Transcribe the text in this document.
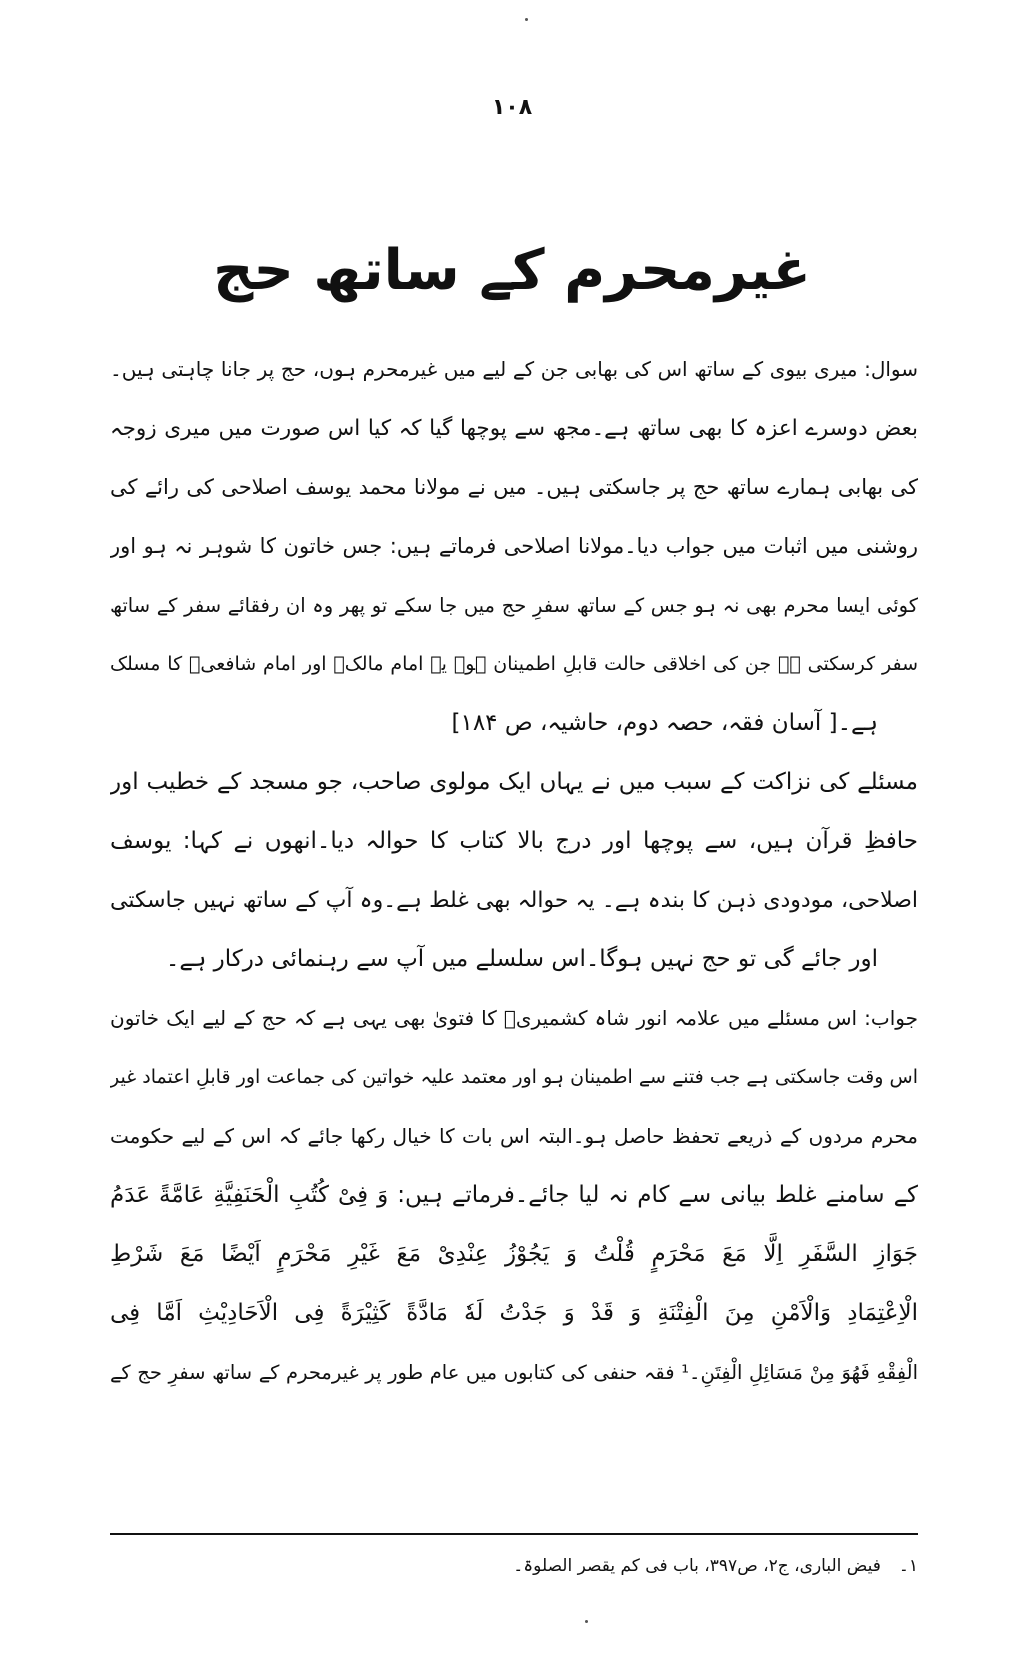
۱۰۸
غیرمحرم کے ساتھ حج
سوال: میری بیوی کے ساتھ اس کی بھابی جن کے لیے میں غیرمحرم ہوں، حج پر جانا چاہتی ہیں۔
بعض دوسرے اعزہ کا بھی ساتھ ہے۔مجھ سے پوچھا گیا کہ کیا اس صورت میں میری زوجہ
کی بھابی ہمارے ساتھ حج پر جاسکتی ہیں۔ میں نے مولانا محمد یوسف اصلاحی کی رائے کی
روشنی میں اثبات میں جواب دیا۔مولانا اصلاحی فرماتے ہیں: جس خاتون کا شوہر نہ ہو اور
کوئی ایسا محرم بھی نہ ہو جس کے ساتھ سفرِ حج میں جا سکے تو پھر وہ ان رفقائے سفر کے ساتھ
سفر کرسکتی ہے جن کی اخلاقی حالت قابلِ اطمینان ہو۔ یہ امام مالکؒ اور امام شافعیؒ کا مسلک
ہے۔[ آسان فقہ، حصہ دوم، حاشیہ، ص ۱۸۴]
مسئلے کی نزاکت کے سبب میں نے یہاں ایک مولوی صاحب، جو مسجد کے خطیب اور
حافظِ قرآن ہیں، سے پوچھا اور درج بالا کتاب کا حوالہ دیا۔انھوں نے کہا: یوسف
اصلاحی، مودودی ذہن کا بندہ ہے۔ یہ حوالہ بھی غلط ہے۔وہ آپ کے ساتھ نہیں جاسکتی
اور جائے گی تو حج نہیں ہوگا۔اس سلسلے میں آپ سے رہنمائی درکار ہے۔
جواب: اس مسئلے میں علامہ انور شاہ کشمیریؒ کا فتویٰ بھی یہی ہے کہ حج کے لیے ایک خاتون
اس وقت جاسکتی ہے جب فتنے سے اطمینان ہو اور معتمد علیہ خواتین کی جماعت اور قابلِ اعتماد غیر
محرم مردوں کے ذریعے تحفظ حاصل ہو۔البتہ اس بات کا خیال رکھا جائے کہ اس کے لیے حکومت
کے سامنے غلط بیانی سے کام نہ لیا جائے۔فرماتے ہیں: وَ فِیْ کُتُبِ الْحَنَفِیَّةِ عَامَّةً عَدَمُ
جَوَازِ السَّفَرِ اِلَّا مَعَ مَحْرَمٍ قُلْتُ وَ یَجُوْزُ عِنْدِیْ مَعَ غَیْرِ مَحْرَمٍ اَیْضًا مَعَ شَرْطِ
الْاِعْتِمَادِ وَالْاَمْنِ مِنَ الْفِتْنَةِ وَ قَدْ وَ جَدْتُ لَهٗ مَادَّةً کَثِیْرَةً فِی الْاَحَادِیْثِ اَمَّا فِی
الْفِقْهِ فَهُوَ مِنْ مَسَائِلِ الْفِتَنِ۔¹ فقہ حنفی کی کتابوں میں عام طور پر غیرمحرم کے ساتھ سفرِ حج کے
۱۔فیض الباری، ج۲، ص۳۹۷، باب فی کم یقصر الصلوۃ۔
